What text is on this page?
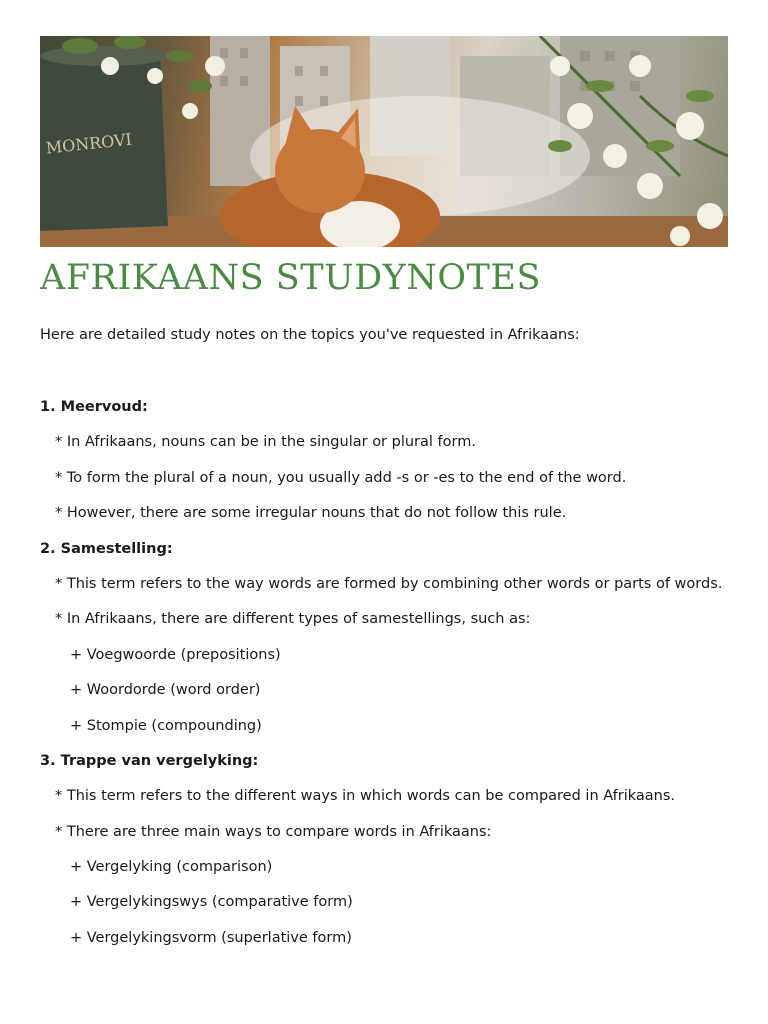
MONROVI
AFRIKAANS STUDYNOTES
Here are detailed study notes on the topics you've requested in Afrikaans:
1. Meervoud:
* In Afrikaans, nouns can be in the singular or plural form.
* To form the plural of a noun, you usually add -s or -es to the end of the word.
* However, there are some irregular nouns that do not follow this rule.
2. Samestelling:
* This term refers to the way words are formed by combining other words or parts of words.
* In Afrikaans, there are different types of samestellings, such as:
+ Voegwoorde (prepositions)
+ Woordorde (word order)
+ Stompie (compounding)
3. Trappe van vergelyking:
* This term refers to the different ways in which words can be compared in Afrikaans.
* There are three main ways to compare words in Afrikaans:
+ Vergelyking (comparison)
+ Vergelykingswys (comparative form)
+ Vergelykingsvorm (superlative form)
